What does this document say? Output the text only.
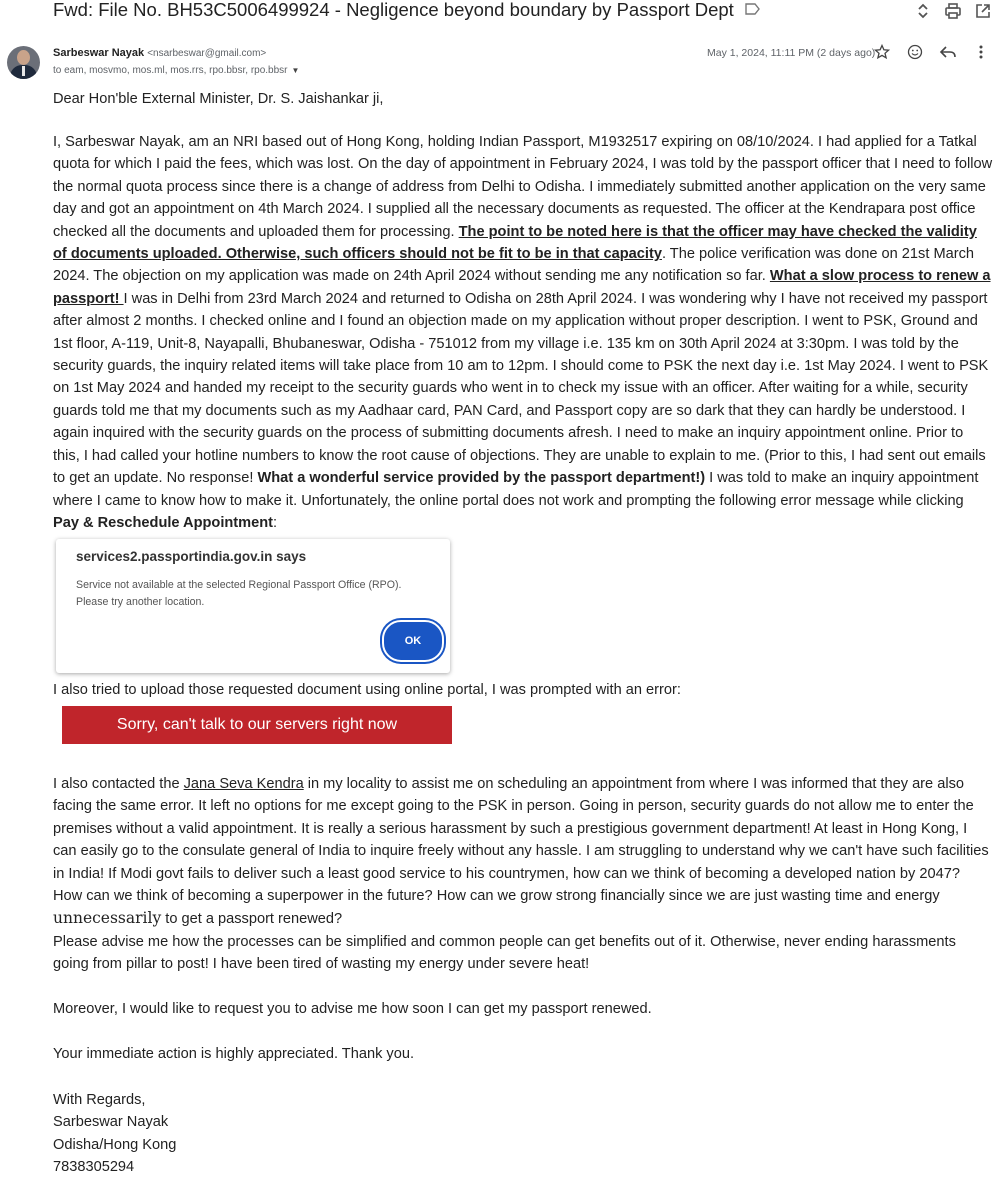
Fwd: File No. BH53C5006499924 - Negligence beyond boundary by Passport Dept
Sarbeswar Nayak <nsarbeswar@gmail.com>
to eam, mosvmo, mos.ml, mos.rrs, rpo.bbsr, rpo.bbsr ▼
May 1, 2024, 11:11 PM (2 days ago)
Dear Hon'ble External Minister, Dr. S. Jaishankar ji,
I, Sarbeswar Nayak, am an NRI based out of Hong Kong, holding Indian Passport, M1932517 expiring on 08/10/2024. I had applied for a Tatkal quota for which I paid the fees, which was lost. On the day of appointment in February 2024, I was told by the passport officer that I need to follow the normal quota process since there is a change of address from Delhi to Odisha. I immediately submitted another application on the very same day and got an appointment on 4th March 2024. I supplied all the necessary documents as requested. The officer at the Kendrapara post office checked all the documents and uploaded them for processing. The point to be noted here is that the officer may have checked the validity of documents uploaded. Otherwise, such officers should not be fit to be in that capacity. The police verification was done on 21st March 2024. The objection on my application was made on 24th April 2024 without sending me any notification so far. What a slow process to renew a passport! I was in Delhi from 23rd March 2024 and returned to Odisha on 28th April 2024. I was wondering why I have not received my passport after almost 2 months. I checked online and I found an objection made on my application without proper description. I went to PSK, Ground and 1st floor, A-119, Unit-8, Nayapalli, Bhubaneswar, Odisha - 751012 from my village i.e. 135 km on 30th April 2024 at 3:30pm. I was told by the security guards, the inquiry related items will take place from 10 am to 12pm. I should come to PSK the next day i.e. 1st May 2024. I went to PSK on 1st May 2024 and handed my receipt to the security guards who went in to check my issue with an officer. After waiting for a while, security guards told me that my documents such as my Aadhaar card, PAN Card, and Passport copy are so dark that they can hardly be understood. I again inquired with the security guards on the process of submitting documents afresh. I need to make an inquiry appointment online. Prior to this, I had called your hotline numbers to know the root cause of objections. They are unable to explain to me. (Prior to this, I had sent out emails to get an update. No response! What a wonderful service provided by the passport department!) I was told to make an inquiry appointment where I came to know how to make it. Unfortunately, the online portal does not work and prompting the following error message while clicking Pay & Reschedule Appointment:
services2.passportindia.gov.in says
Service not available at the selected Regional Passport Office (RPO). Please try another location.
OK
I also tried to upload those requested document using online portal, I was prompted with an error:
Sorry, can't talk to our servers right now
I also contacted the Jana Seva Kendra in my locality to assist me on scheduling an appointment from where I was informed that they are also facing the same error. It left no options for me except going to the PSK in person. Going in person, security guards do not allow me to enter the premises without a valid appointment. It is really a serious harassment by such a prestigious government department! At least in Hong Kong, I can easily go to the consulate general of India to inquire freely without any hassle. I am struggling to understand why we can't have such facilities in India! If Modi govt fails to deliver such a least good service to his countrymen, how can we think of becoming a developed nation by 2047? How can we think of becoming a superpower in the future? How can we grow strong financially since we are just wasting time and energy unnecessarily to get a passport renewed?
Please advise me how the processes can be simplified and common people can get benefits out of it. Otherwise, never ending harassments going from pillar to post! I have been tired of wasting my energy under severe heat!
Moreover, I would like to request you to advise me how soon I can get my passport renewed.
Your immediate action is highly appreciated. Thank you.
With Regards,
Sarbeswar Nayak
Odisha/Hong Kong
7838305294
